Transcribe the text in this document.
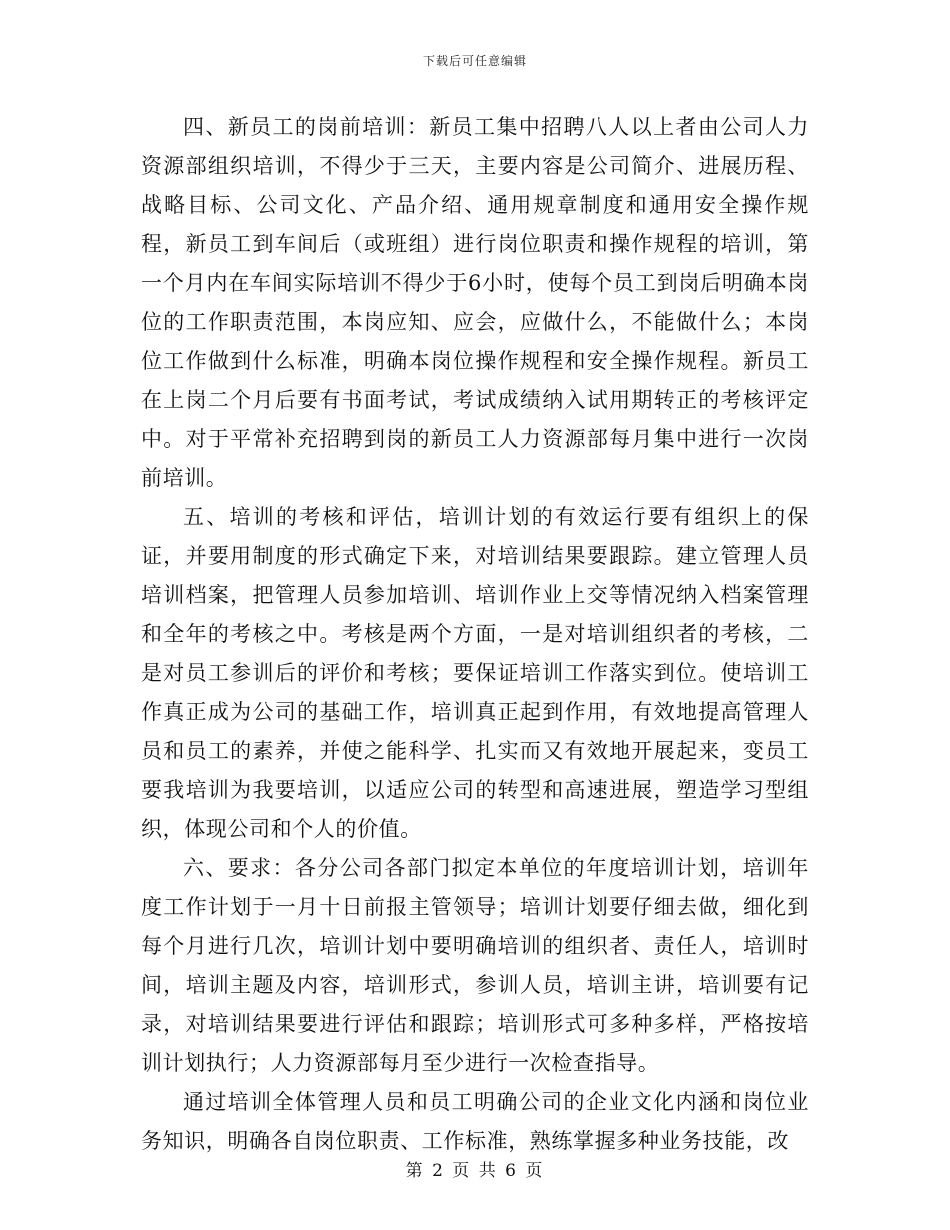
下载后可任意编辑

四、新员工的岗前培训：新员工集中招聘八人以上者由公司人力资源部组织培训，不得少于三天，主要内容是公司简介、进展历程、战略目标、公司文化、产品介绍、通用规章制度和通用安全操作规程，新员工到车间后（或班组）进行岗位职责和操作规程的培训，第一个月内在车间实际培训不得少于6小时，使每个员工到岗后明确本岗位的工作职责范围，本岗应知、应会，应做什么，不能做什么；本岗位工作做到什么标准，明确本岗位操作规程和安全操作规程。新员工在上岗二个月后要有书面考试，考试成绩纳入试用期转正的考核评定中。对于平常补充招聘到岗的新员工人力资源部每月集中进行一次岗前培训。

五、培训的考核和评估，培训计划的有效运行要有组织上的保证，并要用制度的形式确定下来，对培训结果要跟踪。建立管理人员培训档案，把管理人员参加培训、培训作业上交等情况纳入档案管理和全年的考核之中。考核是两个方面，一是对培训组织者的考核，二是对员工参训后的评价和考核；要保证培训工作落实到位。使培训工作真正成为公司的基础工作，培训真正起到作用，有效地提高管理人员和员工的素养，并使之能科学、扎实而又有效地开展起来，变员工要我培训为我要培训，以适应公司的转型和高速进展，塑造学习型组织，体现公司和个人的价值。

六、要求：各分公司各部门拟定本单位的年度培训计划，培训年度工作计划于一月十日前报主管领导；培训计划要仔细去做，细化到每个月进行几次，培训计划中要明确培训的组织者、责任人，培训时间，培训主题及内容，培训形式，参训人员，培训主讲，培训要有记录，对培训结果要进行评估和跟踪；培训形式可多种多样，严格按培训计划执行；人力资源部每月至少进行一次检查指导。

通过培训全体管理人员和员工明确公司的企业文化内涵和岗位业务知识，明确各自岗位职责、工作标准，熟练掌握多种业务技能，改

第 2 页 共 6 页
